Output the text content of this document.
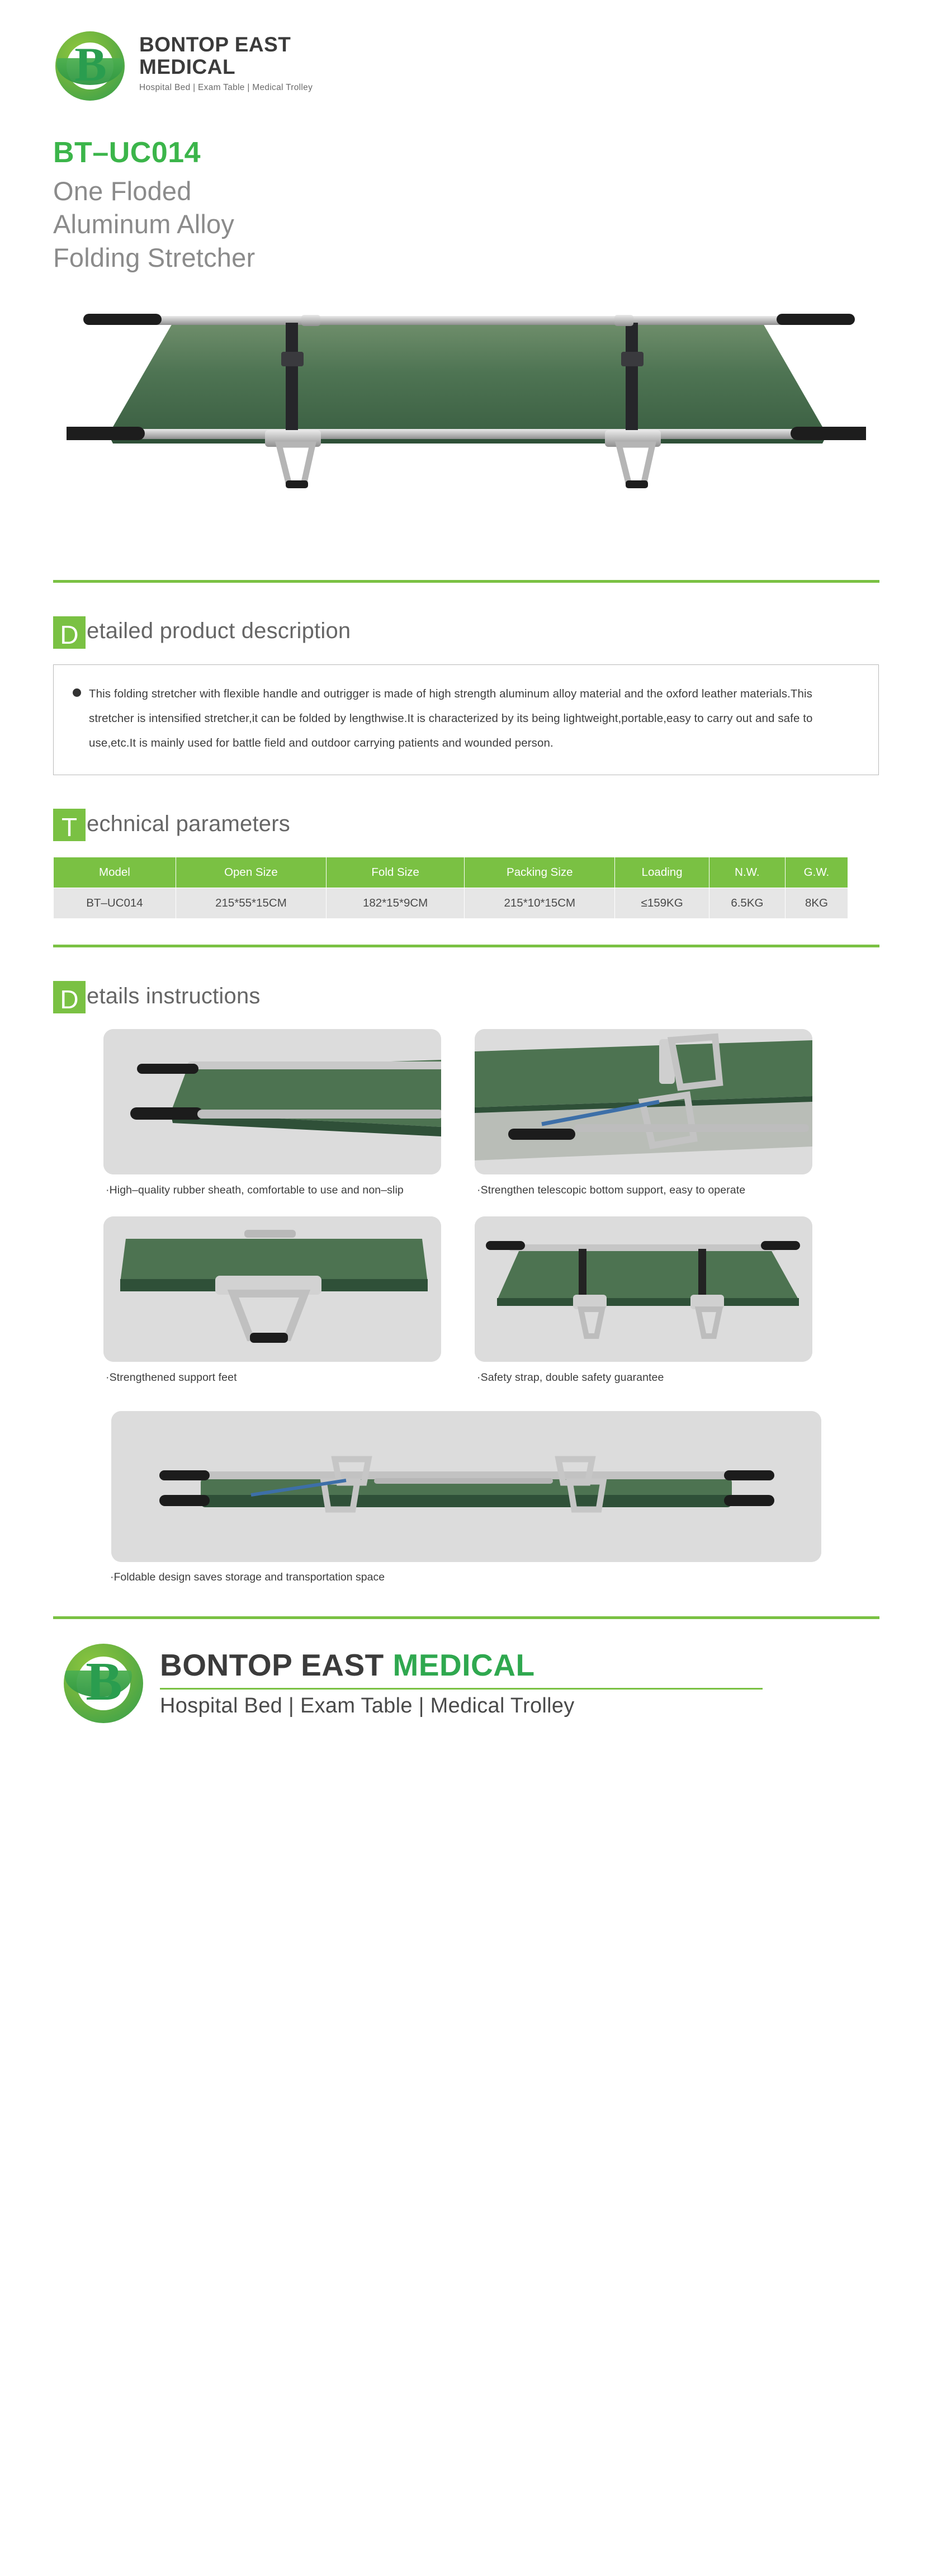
B	BONTOP EAST
MEDICAL
Hospital Bed | Exam Table | Medical Trolley
BT–UC014
One Floded
Aluminum Alloy
Folding Stretcher
D etailed product description
This folding stretcher with flexible handle and outrigger is made of high strength aluminum alloy material and the oxford leather materials.This stretcher is intensified stretcher,it can be folded by lengthwise.It is characterized by its being lightweight,portable,easy to carry out and safe to use,etc.It is mainly used for battle field and outdoor carrying patients and wounded person.
T echnical parameters
Model	Open Size	Fold Size	Packing Size	Loading	N.W.	G.W.
BT–UC014	215*55*15CM	182*15*9CM	215*10*15CM	≤159KG	6.5KG	8KG
D etails instructions
·High–quality rubber sheath, comfortable to use and non–slip	·Strengthen telescopic bottom support, easy to operate
·Strengthened support feet	·Safety strap, double safety guarantee
·Foldable design saves storage and transportation space
B	BONTOP EAST MEDICAL
Hospital Bed | Exam Table | Medical Trolley
